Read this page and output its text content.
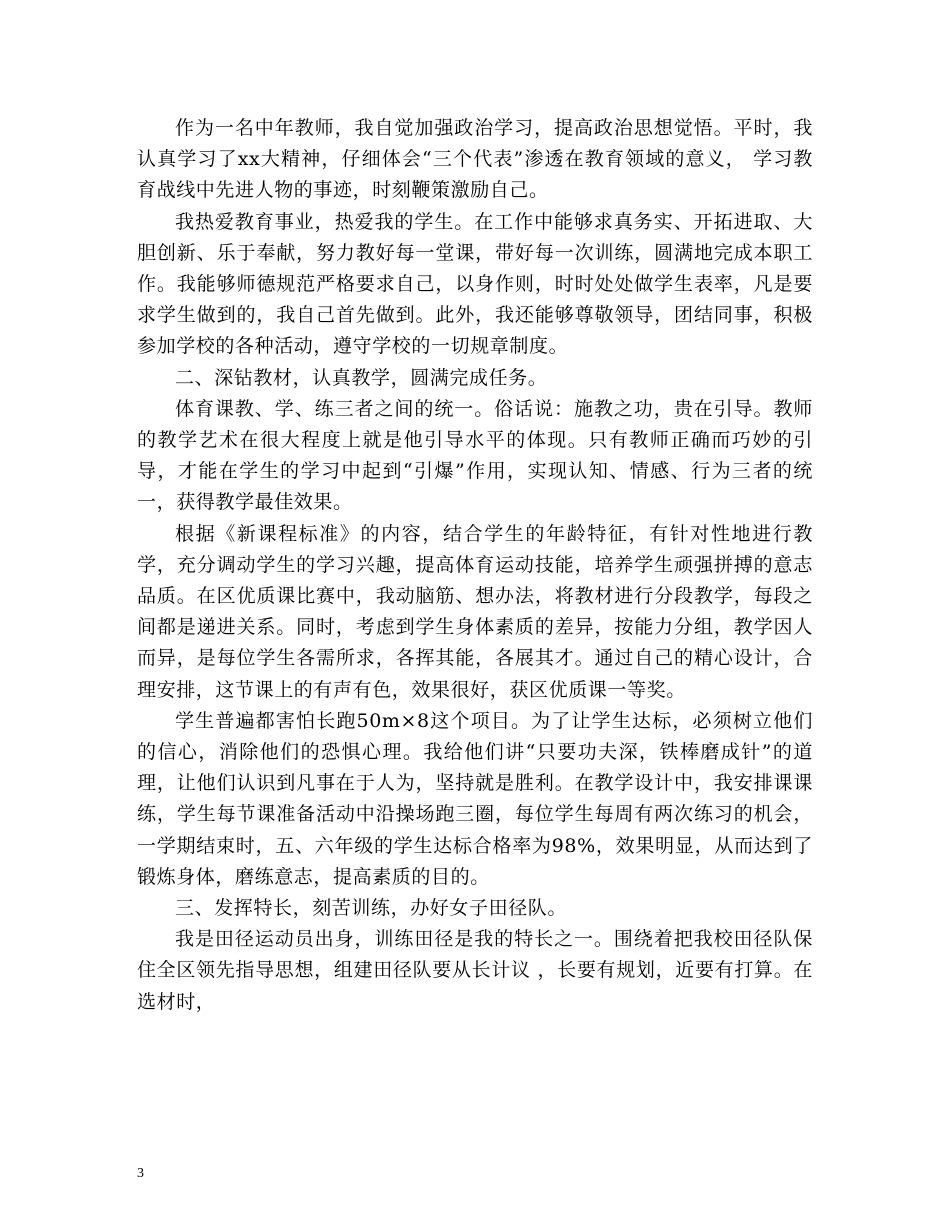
作为一名中年教师，我自觉加强政治学习，提高政治思想觉悟。平时，我认真学习了xx大精神，仔细体会“三个代表”渗透在教育领域的意义， 学习教育战线中先进人物的事迹，时刻鞭策激励自己。

我热爱教育事业，热爱我的学生。在工作中能够求真务实、开拓进取、大胆创新、乐于奉献，努力教好每一堂课，带好每一次训练，圆满地完成本职工作。我能够师德规范严格要求自己，以身作则，时时处处做学生表率，凡是要求学生做到的，我自己首先做到。此外，我还能够尊敬领导，团结同事，积极参加学校的各种活动，遵守学校的一切规章制度。

二、深钻教材，认真教学，圆满完成任务。

体育课教、学、练三者之间的统一。俗话说：施教之功，贵在引导。教师的教学艺术在很大程度上就是他引导水平的体现。只有教师正确而巧妙的引导，才能在学生的学习中起到“引爆”作用，实现认知、情感、行为三者的统一，获得教学最佳效果。

根据《新课程标准》的内容，结合学生的年龄特征，有针对性地进行教学，充分调动学生的学习兴趣，提高体育运动技能，培养学生顽强拼搏的意志品质。在区优质课比赛中，我动脑筋、想办法，将教材进行分段教学，每段之间都是递进关系。同时，考虑到学生身体素质的差异，按能力分组，教学因人而异，是每位学生各需所求，各挥其能，各展其才。通过自己的精心设计，合理安排，这节课上的有声有色，效果很好，获区优质课一等奖。

学生普遍都害怕长跑50m×8这个项目。为了让学生达标，必须树立他们的信心，消除他们的恐惧心理。我给他们讲“只要功夫深，铁棒磨成针”的道理，让他们认识到凡事在于人为，坚持就是胜利。在教学设计中，我安排课课练，学生每节课准备活动中沿操场跑三圈，每位学生每周有两次练习的机会，一学期结束时，五、六年级的学生达标合格率为98%，效果明显，从而达到了锻炼身体，磨练意志，提高素质的目的。

三、发挥特长，刻苦训练，办好女子田径队。

我是田径运动员出身，训练田径是我的特长之一。围绕着把我校田径队保住全区领先指导思想，组建田径队要从长计议 ，长要有规划，近要有打算。在选材时，

3
